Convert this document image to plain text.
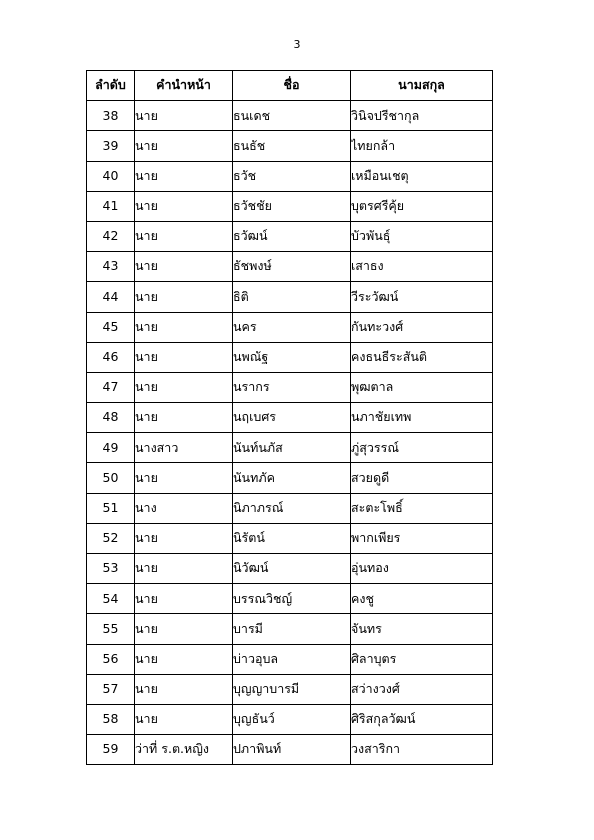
3
ลำดับ	คำนำหน้า	ชื่อ	นามสกุล
38	นาย	ธนเดช	วินิจปรีชากุล
39	นาย	ธนธัช	ไทยกล้า
40	นาย	ธวัช	เหมือนเชตุ
41	นาย	ธวัชชัย	บุตรศรีคุ้ย
42	นาย	ธวัฒน์	บัวพันธุ์
43	นาย	ธัชพงษ์	เสาธง
44	นาย	ธิติ	วีระวัฒน์
45	นาย	นคร	กันทะวงศ์
46	นาย	นพณัฐ	คงธนธีระสันติ
47	นาย	นรากร	พุฒตาล
48	นาย	นฤเบศร	นภาชัยเทพ
49	นางสาว	นันท์นภัส	ภู่สุวรรณ์
50	นาย	นันทภัค	สวยดูดี
51	นาง	นิภาภรณ์	สะตะโพธิ์
52	นาย	นิรัตน์	พากเพียร
53	นาย	นิวัฒน์	อุ่นทอง
54	นาย	บรรณวิชญ์	คงชู
55	นาย	บารมี	จันทร
56	นาย	บ่าวอุบล	ศิลาบุตร
57	นาย	บุญญาบารมี	สว่างวงศ์
58	นาย	บุญธันว์	ศิริสกุลวัฒน์
59	ว่าที่ ร.ต.หญิง	ปภาพินท์	วงสาริกา
